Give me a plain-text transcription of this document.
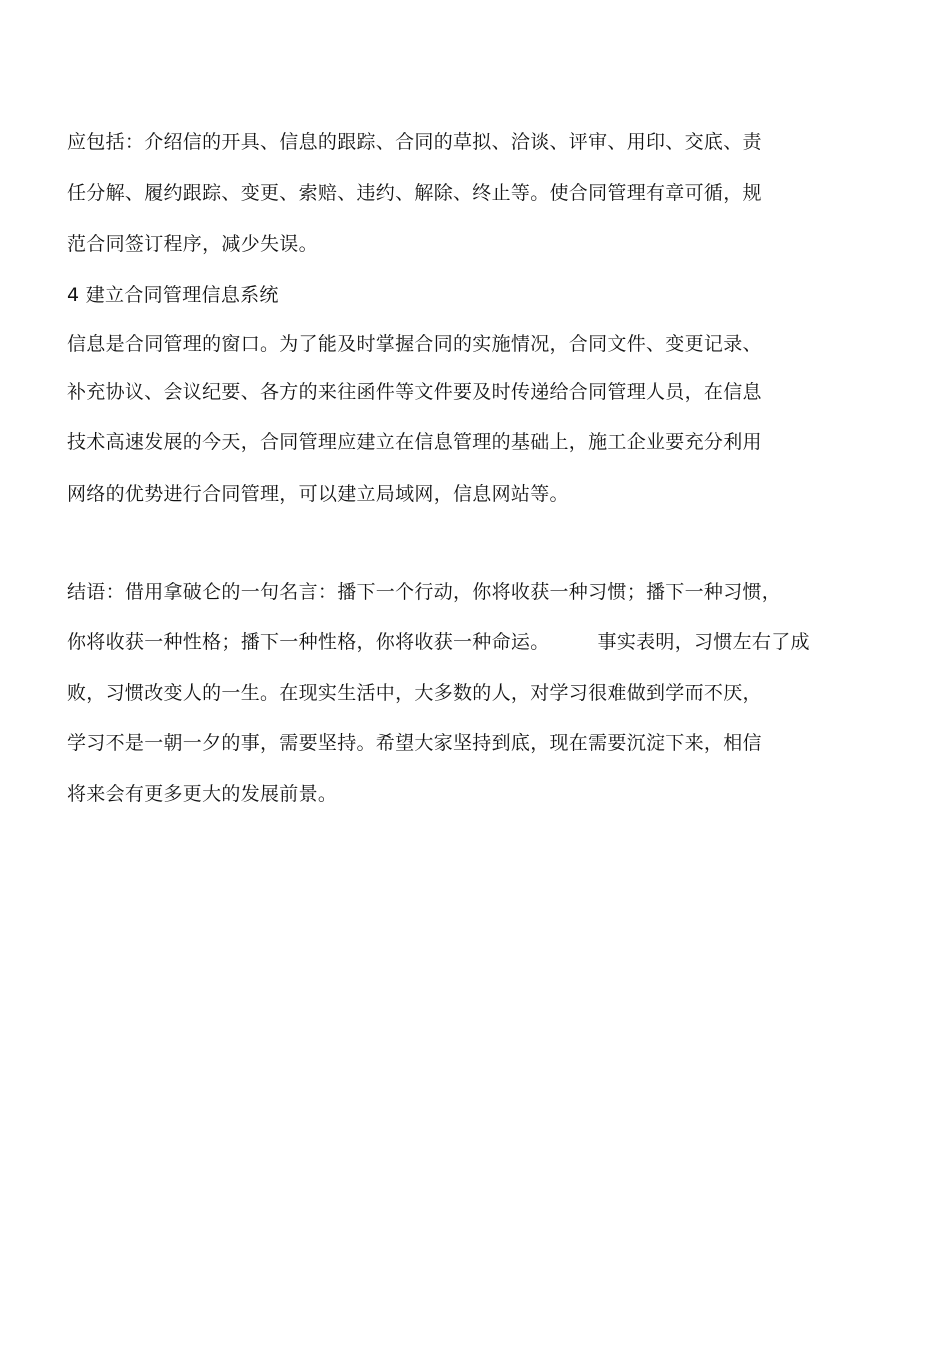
应包括：介绍信的开具、信息的跟踪、合同的草拟、洽谈、评审、用印、交底、责
任分解、履约跟踪、变更、索赔、违约、解除、终止等。使合同管理有章可循，规
范合同签订程序，减少失误。
4 建立合同管理信息系统
信息是合同管理的窗口。为了能及时掌握合同的实施情况，合同文件、变更记录、
补充协议、会议纪要、各方的来往函件等文件要及时传递给合同管理人员，在信息
技术高速发展的今天，合同管理应建立在信息管理的基础上，施工企业要充分利用
网络的优势进行合同管理，可以建立局域网，信息网站等。
结语：借用拿破仑的一句名言：播下一个行动，你将收获一种习惯；播下一种习惯，
你将收获一种性格；播下一种性格，你将收获一种命运。	事实表明，习惯左右了成
败，习惯改变人的一生。在现实生活中，大多数的人，对学习很难做到学而不厌，
学习不是一朝一夕的事，需要坚持。希望大家坚持到底，现在需要沉淀下来，相信
将来会有更多更大的发展前景。
